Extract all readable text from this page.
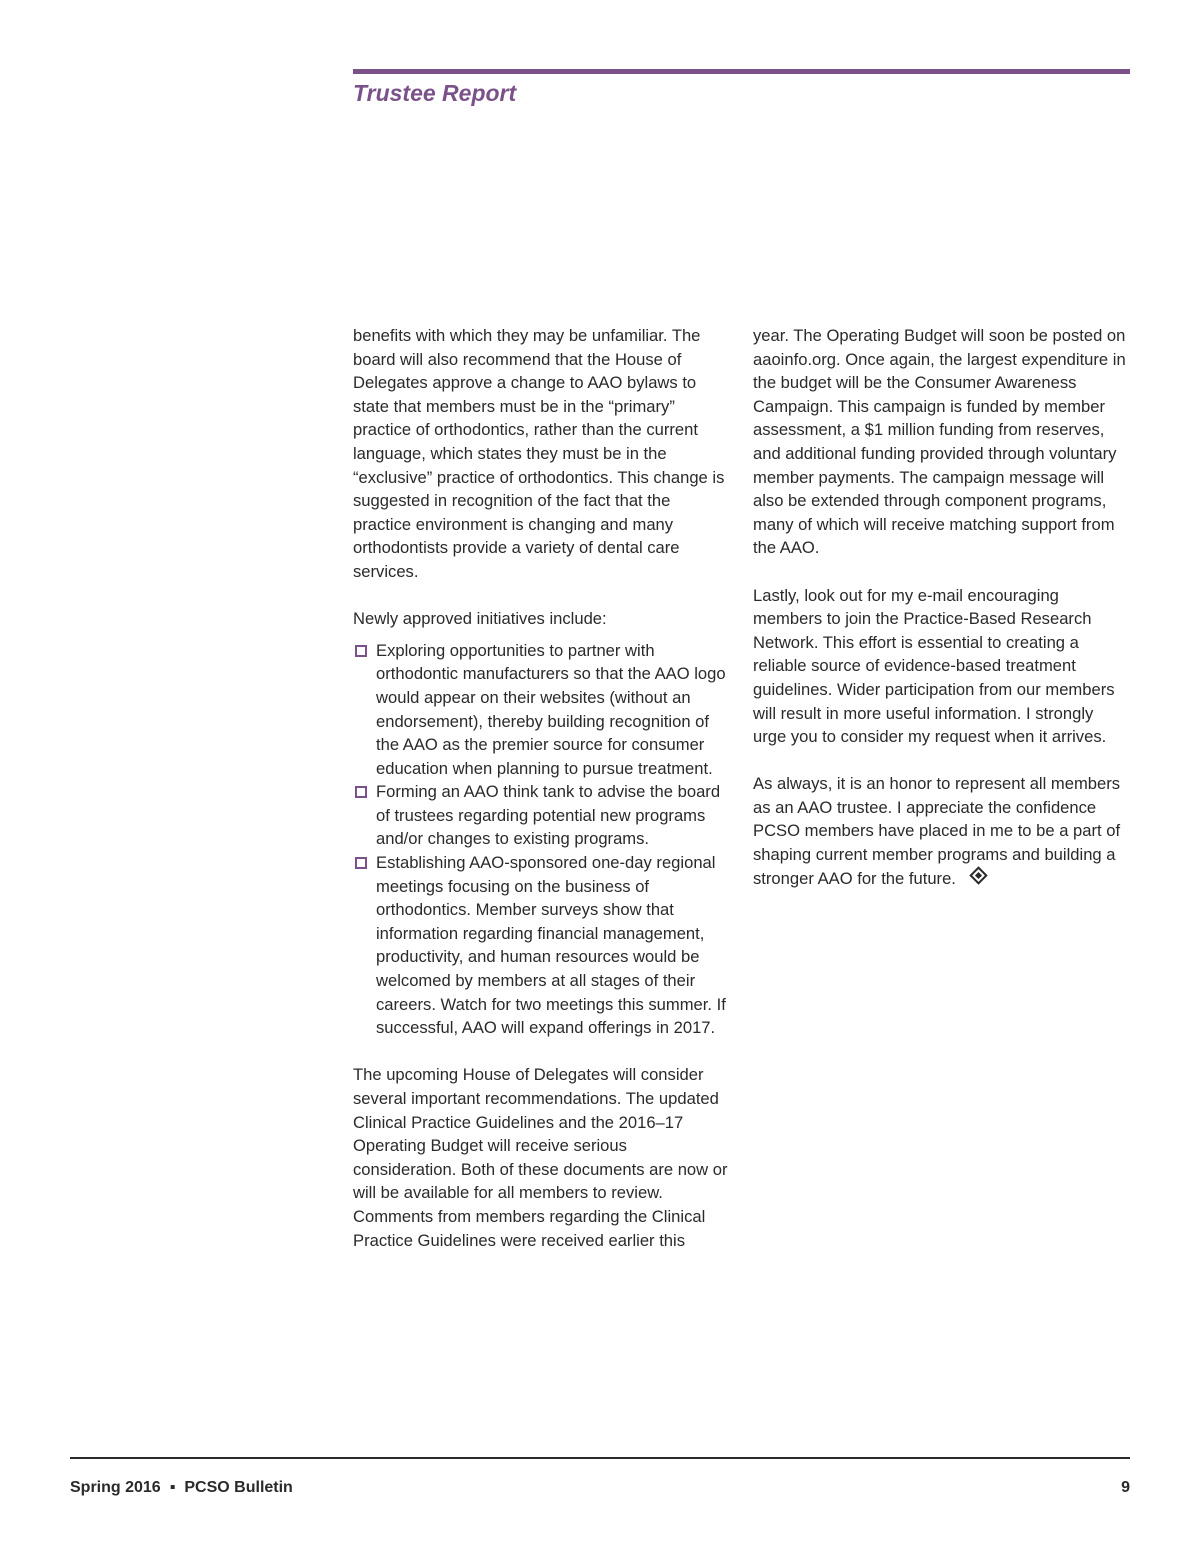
Trustee Report

benefits with which they may be unfamiliar. The board will also recommend that the House of Delegates approve a change to AAO bylaws to state that members must be in the “primary” practice of orthodontics, rather than the current language, which states they must be in the “exclusive” practice of orthodontics. This change is suggested in recognition of the fact that the practice environment is changing and many orthodontists provide a variety of dental care services.

Newly approved initiatives include:

Exploring opportunities to partner with orthodontic manufacturers so that the AAO logo would appear on their websites (without an endorsement), thereby building recognition of the AAO as the premier source for consumer education when planning to pursue treatment.
Forming an AAO think tank to advise the board of trustees regarding potential new programs and/or changes to existing programs.
Establishing AAO-sponsored one-day regional meetings focusing on the business of orthodontics. Member surveys show that information regarding financial management, productivity, and human resources would be welcomed by members at all stages of their careers. Watch for two meetings this summer. If successful, AAO will expand offerings in 2017.

The upcoming House of Delegates will consider several important recommendations. The updated Clinical Practice Guidelines and the 2016–17 Operating Budget will receive serious consideration. Both of these documents are now or will be available for all members to review. Comments from members regarding the Clinical Practice Guidelines were received earlier this

year. The Operating Budget will soon be posted on aaoinfo.org. Once again, the largest expenditure in the budget will be the Consumer Awareness Campaign. This campaign is funded by member assessment, a $1 million funding from reserves, and additional funding provided through voluntary member payments. The campaign message will also be extended through component programs, many of which will receive matching support from the AAO.

Lastly, look out for my e-mail encouraging members to join the Practice-Based Research Network. This effort is essential to creating a reliable source of evidence-based treatment guidelines. Wider participation from our members will result in more useful information. I strongly urge you to consider my request when it arrives.

As always, it is an honor to represent all members as an AAO trustee. I appreciate the confidence PCSO members have placed in me to be a part of shaping current member programs and building a stronger AAO for the future.

Spring 2016 ▪ PCSO Bulletin	9
